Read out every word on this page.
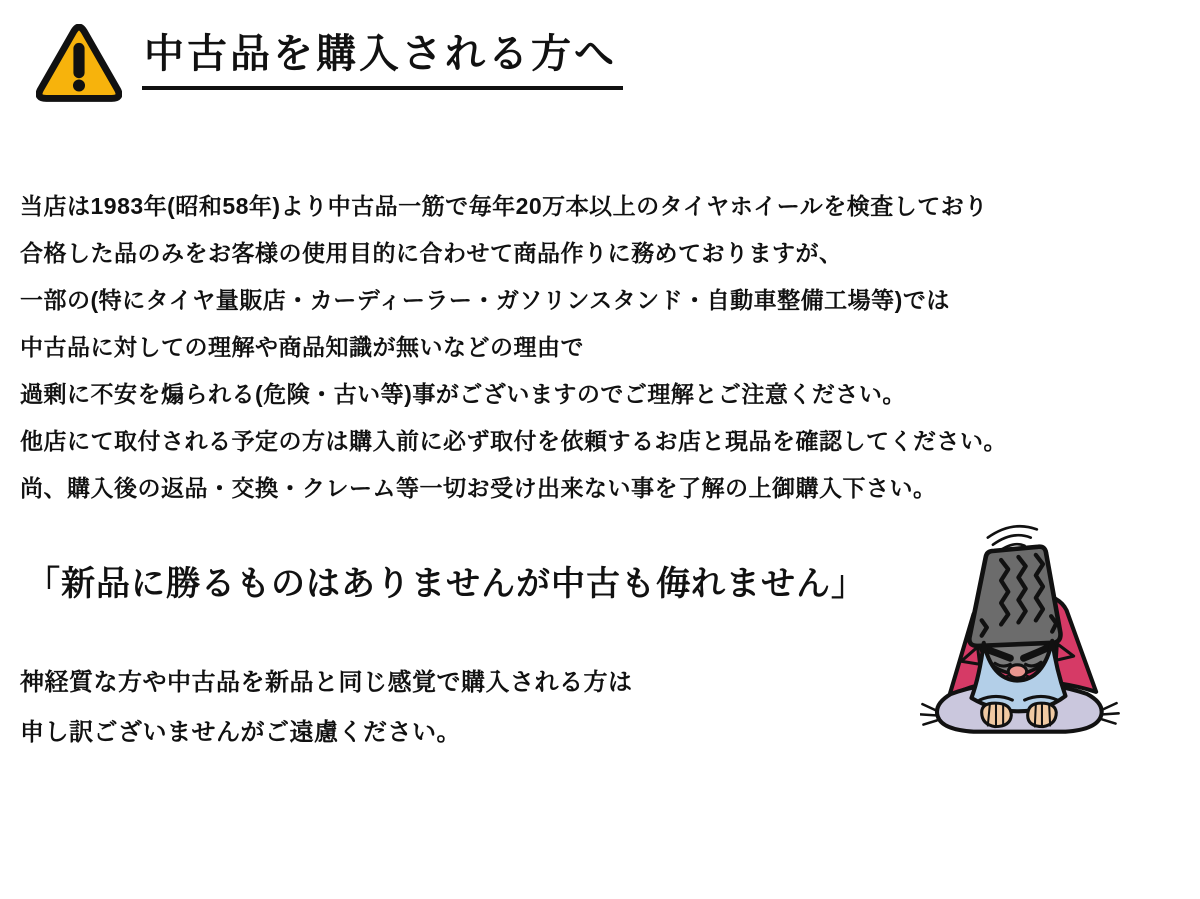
中古品を購入される方へ
当店は1983年(昭和58年)より中古品一筋で毎年20万本以上のタイヤホイールを検査しており
合格した品のみをお客様の使用目的に合わせて商品作りに務めておりますが、
一部の(特にタイヤ量販店・カーディーラー・ガソリンスタンド・自動車整備工場等)では
中古品に対しての理解や商品知識が無いなどの理由で
過剰に不安を煽られる(危険・古い等)事がございますのでご理解とご注意ください。
他店にて取付される予定の方は購入前に必ず取付を依頼するお店と現品を確認してください。
尚、購入後の返品・交換・クレーム等一切お受け出来ない事を了解の上御購入下さい。
「新品に勝るものはありませんが中古も侮れません」
神経質な方や中古品を新品と同じ感覚で購入される方は
申し訳ございませんがご遠慮ください。
